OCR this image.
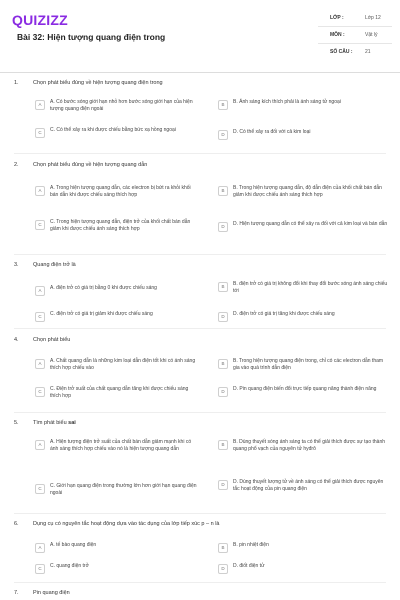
QUIZIZZ
Bài 32: Hiện tượng quang điện trong
LỚP :	Lớp 12
MÔN :	Vật lý
SỐ CÂU :	21
1.	Chọn phát biểu đúng về hiện tượng quang điện trong
A	A. Có bước sóng giới hạn nhỏ hơn bước sóng giới hạn của hiện tượng quang điện ngoài
B	B. Ánh sáng kích thích phải là ánh sáng tử ngoại
C	C. Có thể xảy ra khi được chiếu bằng bức xạ hồng ngoại
D	D. Có thể xảy ra đối với cả kim loại
2.	Chọn phát biểu đúng về hiện tượng quang dẫn
A	A. Trong hiện tượng quang dẫn, các electron bị bứt ra khỏi khối bán dẫn khi được chiếu sáng thích hợp
B	B. Trong hiện tượng quang dẫn, độ dẫn điện của khối chất bán dẫn giảm khi được chiếu ánh sáng thích hợp
C	C. Trong hiện tượng quang dẫn, điện trở của khối chất bán dẫn giảm khi được chiếu ánh sáng thích hợp	D	D. Hiện tượng quang dẫn có thể xảy ra đối với cả kim loại và bán dẫn
3.	Quang điện trở là
A	A. điện trở có giá trị bằng 0 khi được chiếu sáng	B	B. điện trở có giá trị không đổi khi thay đổi bước sóng ánh sáng chiếu tới
C	C. điện trở có giá trị giảm khi được chiếu sáng	D	D. điện trở có giá trị tăng khi được chiếu sáng
4.	Chọn phát biểu
A	A. Chất quang dẫn là những kim loại dẫn điện tốt khi có ánh sáng thích hợp chiếu vào
B	B. Trong hiện tượng quang điện trong, chỉ có các electron dẫn tham gia vào quá trình dẫn điện
C	C. Điện trở suất của chất quang dẫn tăng khi được chiếu sáng thích hợp
D	D. Pin quang điện biến đổi trực tiếp quang năng thành điện năng
5.	Tìm phát biểu sai
A	A. Hiện tượng điện trở suất của chất bán dẫn giảm mạnh khi có ánh sáng thích hợp chiếu vào nó là hiện tượng quang dẫn
B	B. Dùng thuyết sóng ánh sáng ta có thể giải thích được sự tạo thành quang phổ vạch của nguyên tử hyđrô
C	C. Giới hạn quang điện trong thường lớn hơn giới hạn quang điện ngoài
D	D. Dùng thuyết lượng tử về ánh sáng có thể giải thích được nguyên tắc hoạt động của pin quang điện
6.	Dụng cụ có nguyên tắc hoạt động dựa vào tác dụng của lớp tiếp xúc p – n là
A	A. tế bào quang điện	B	B. pin nhiệt điện
C	C. quang điện trở	D	D. điốt điện tử
7.	Pin quang điện
